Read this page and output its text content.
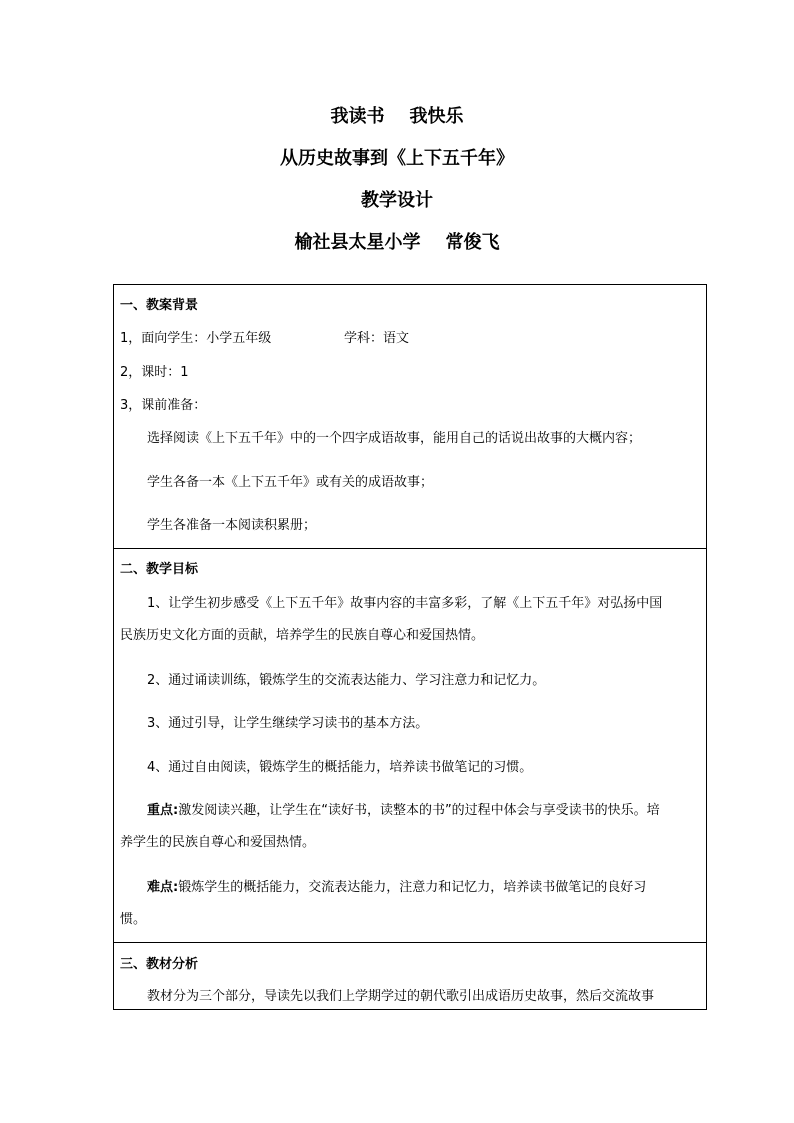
我读书    我快乐
从历史故事到《上下五千年》
教学设计
榆社县太星小学    常俊飞
一、教案背景
1，面向学生：小学五年级	学科：语文
2，课时：1
3，课前准备：
选择阅读《上下五千年》中的一个四字成语故事，能用自己的话说出故事的大概内容；
学生各备一本《上下五千年》或有关的成语故事；
学生各准备一本阅读积累册；
二、教学目标
1、让学生初步感受《上下五千年》故事内容的丰富多彩，了解《上下五千年》对弘扬中国
民族历史文化方面的贡献，培养学生的民族自尊心和爱国热情。
2、通过诵读训练，锻炼学生的交流表达能力、学习注意力和记忆力。
3、通过引导，让学生继续学习读书的基本方法。
4、通过自由阅读，锻炼学生的概括能力，培养读书做笔记的习惯。
重点:激发阅读兴趣，让学生在“读好书，读整本的书”的过程中体会与享受读书的快乐。培
养学生的民族自尊心和爱国热情。
难点:锻炼学生的概括能力，交流表达能力，注意力和记忆力，培养读书做笔记的良好习
惯。
三、教材分析
教材分为三个部分，导读先以我们上学期学过的朝代歌引出成语历史故事，然后交流故事
